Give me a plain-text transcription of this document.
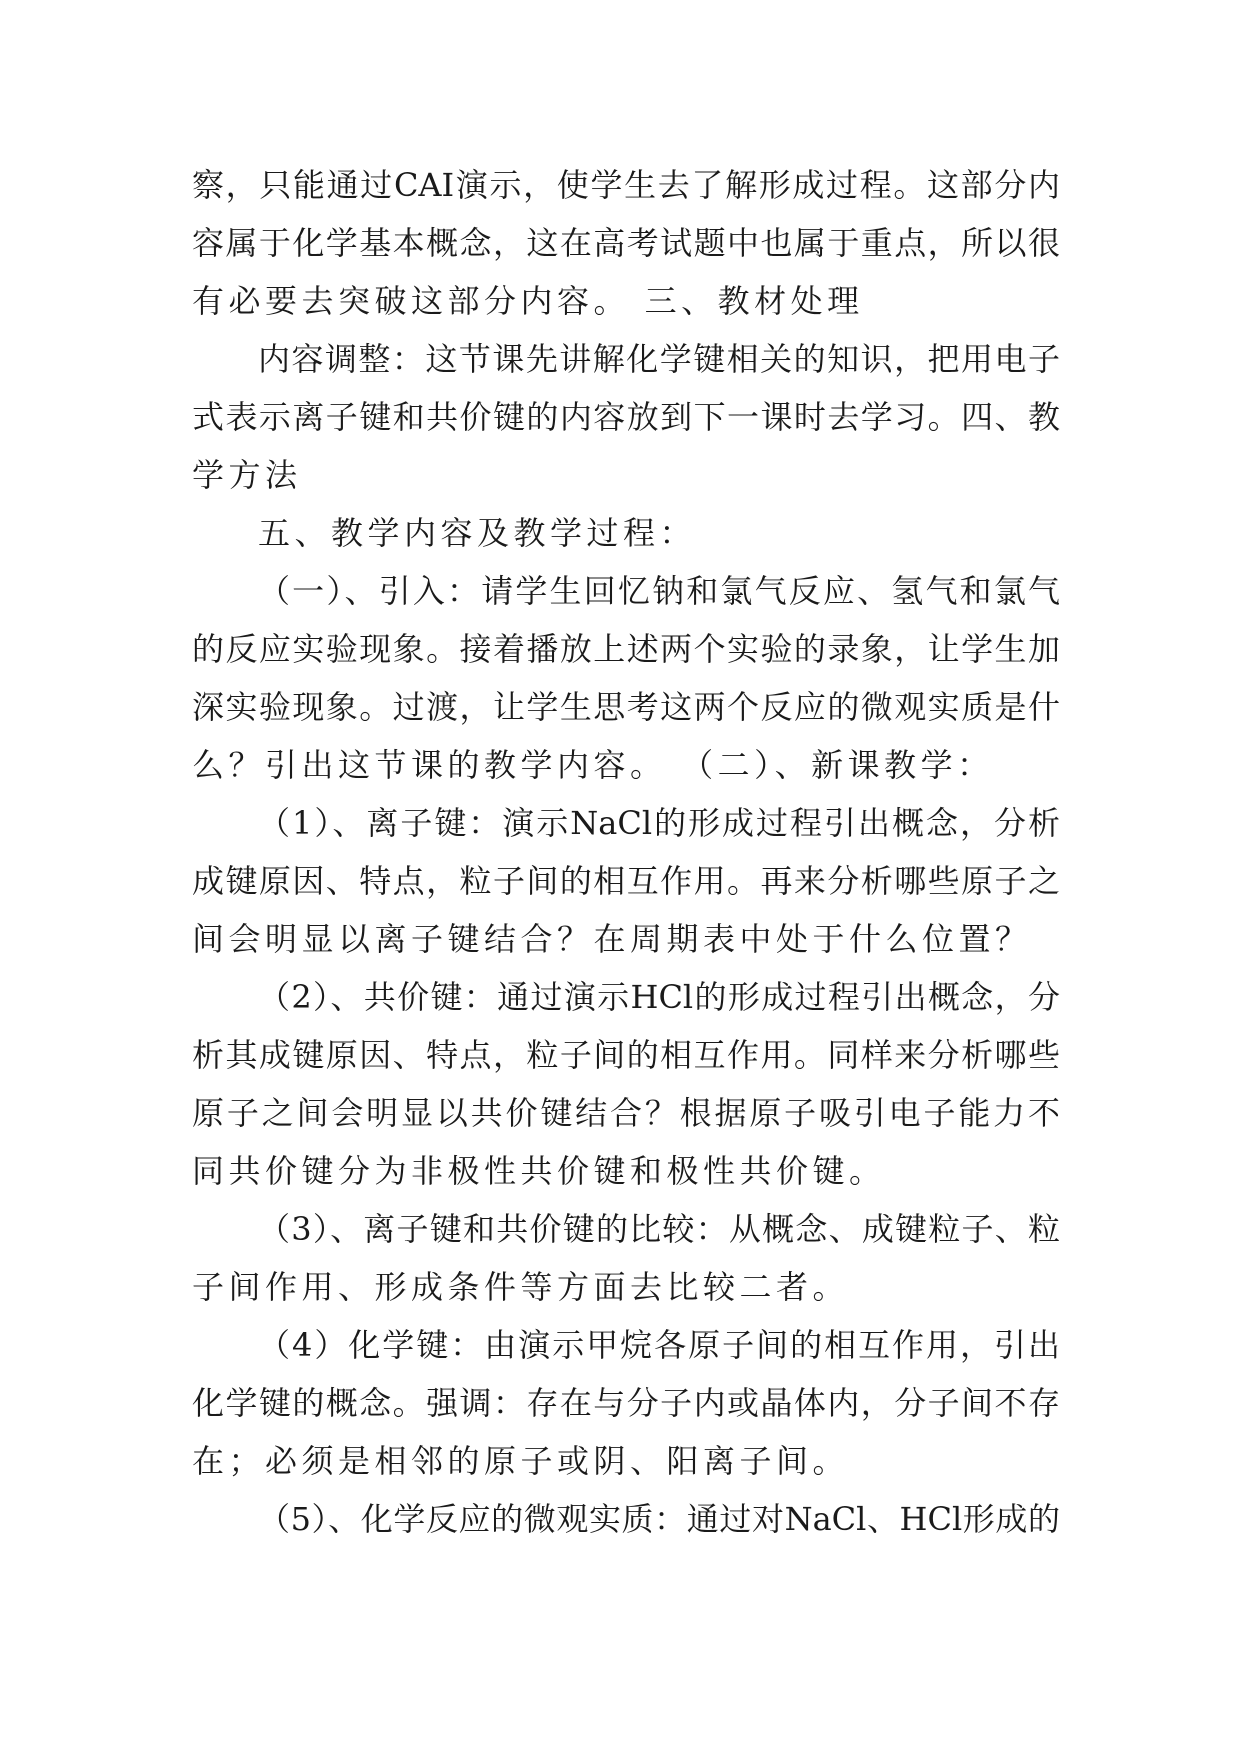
察，只能通过CAI演示，使学生去了解形成过程。这部分内
容属于化学基本概念，这在高考试题中也属于重点，所以很
有必要去突破这部分内容。 三、教材处理
内容调整：这节课先讲解化学键相关的知识，把用电子
式表示离子键和共价键的内容放到下一课时去学习。四、教
学方法
五、教学内容及教学过程：
（一）、引入：请学生回忆钠和氯气反应、氢气和氯气
的反应实验现象。接着播放上述两个实验的录象，让学生加
深实验现象。过渡，让学生思考这两个反应的微观实质是什
么？引出这节课的教学内容。 （二）、新课教学：
（1）、离子键：演示NaCl的形成过程引出概念，分析
成键原因、特点，粒子间的相互作用。再来分析哪些原子之
间会明显以离子键结合？在周期表中处于什么位置？
（2）、共价键：通过演示HCl的形成过程引出概念，分
析其成键原因、特点，粒子间的相互作用。同样来分析哪些
原子之间会明显以共价键结合？根据原子吸引电子能力不
同共价键分为非极性共价键和极性共价键。
（3）、离子键和共价键的比较：从概念、成键粒子、粒
子间作用、形成条件等方面去比较二者。
（4）化学键：由演示甲烷各原子间的相互作用，引出
化学键的概念。强调：存在与分子内或晶体内，分子间不存
在；必须是相邻的原子或阴、阳离子间。
（5）、化学反应的微观实质：通过对NaCl、HCl形成的
